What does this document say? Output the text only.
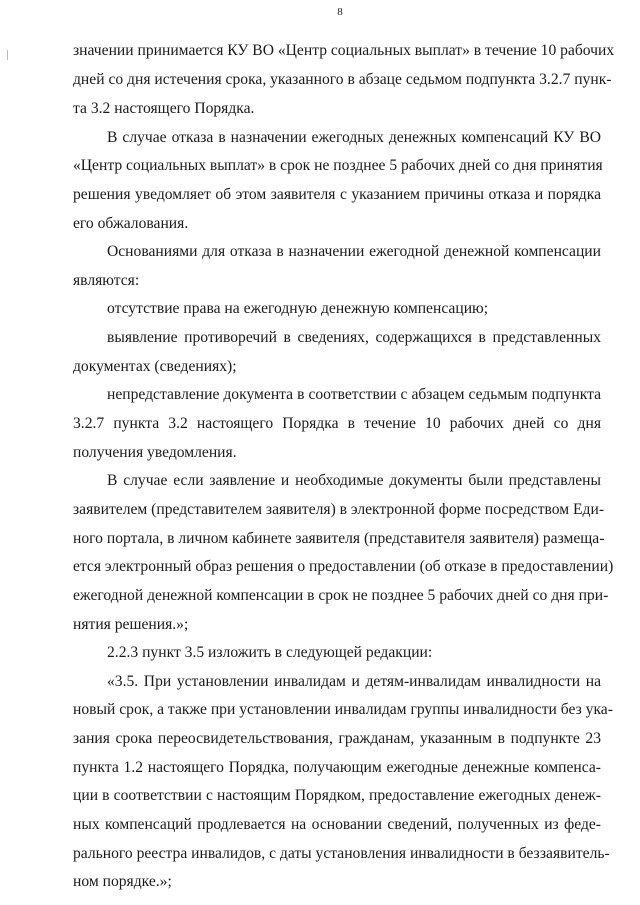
8
значении принимается КУ ВО «Центр социальных выплат» в течение 10 рабочих
дней со дня истечения срока, указанного в абзаце седьмом подпункта 3.2.7 пунк-
та 3.2 настоящего Порядка.
В случае отказа в назначении ежегодных денежных компенсаций КУ ВО
«Центр социальных выплат» в срок не позднее 5 рабочих дней со дня принятия
решения уведомляет об этом заявителя с указанием причины отказа и порядка
его обжалования.
Основаниями для отказа в назначении ежегодной денежной компенсации
являются:
отсутствие права на ежегодную денежную компенсацию;
выявление противоречий в сведениях, содержащихся в представленных
документах (сведениях);
непредставление документа в соответствии с абзацем седьмым подпункта
3.2.7 пункта 3.2 настоящего Порядка в течение 10 рабочих дней со дня
получения уведомления.
В случае если заявление и необходимые документы были представлены
заявителем (представителем заявителя) в электронной форме посредством Еди-
ного портала, в личном кабинете заявителя (представителя заявителя) размеща-
ется электронный образ решения о предоставлении (об отказе в предоставлении)
ежегодной денежной компенсации в срок не позднее 5 рабочих дней со дня при-
нятия решения.»;
2.2.3 пункт 3.5 изложить в следующей редакции:
«3.5. При установлении инвалидам и детям-инвалидам инвалидности на
новый срок, а также при установлении инвалидам группы инвалидности без ука-
зания срока переосвидетельствования, гражданам, указанным в подпункте 23
пункта 1.2 настоящего Порядка, получающим ежегодные денежные компенса-
ции в соответствии с настоящим Порядком, предоставление ежегодных денеж-
ных компенсаций продлевается на основании сведений, полученных из феде-
рального реестра инвалидов, с даты установления инвалидности в беззаявитель-
ном порядке.»;
